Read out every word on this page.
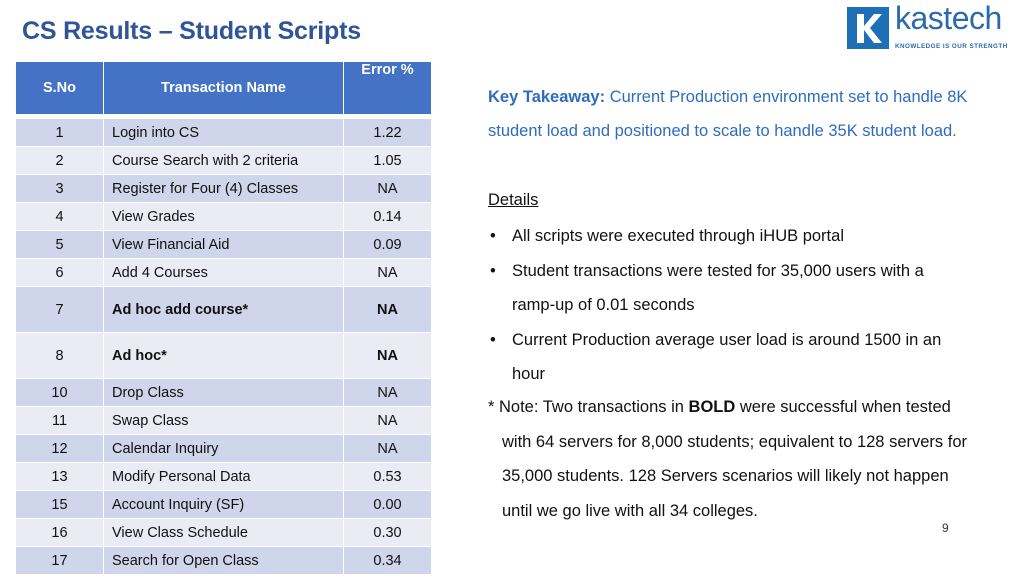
CS Results – Student Scripts	kastech
KNOWLEDGE IS OUR STRENGTH
S.No	Transaction Name	Error %

1	Login into CS	1.22
2	Course Search with 2 criteria	1.05
3	Register for Four (4) Classes	NA
4	View Grades	0.14
5	View Financial Aid	0.09
6	Add 4 Courses	NA
7	Ad hoc add course*	NA
8	Ad hoc*	NA
10	Drop Class	NA
11	Swap Class	NA
12	Calendar Inquiry	NA
13	Modify Personal Data	0.53
15	Account Inquiry (SF)	0.00
16	View Class Schedule	0.30
17	Search for Open Class	0.34
Key Takeaway: Current Production environment set to handle 8K
student load and positioned to scale to handle 35K student load.
Details
• All scripts were executed through iHUB portal
• Student transactions were tested for 35,000 users with a
ramp-up of 0.01 seconds
• Current Production average user load is around 1500 in an
hour
* Note: Two transactions in BOLD were successful when tested
with 64 servers for 8,000 students; equivalent to 128 servers for
35,000 students. 128 Servers scenarios will likely not happen
until we go live with all 34 colleges.
9
